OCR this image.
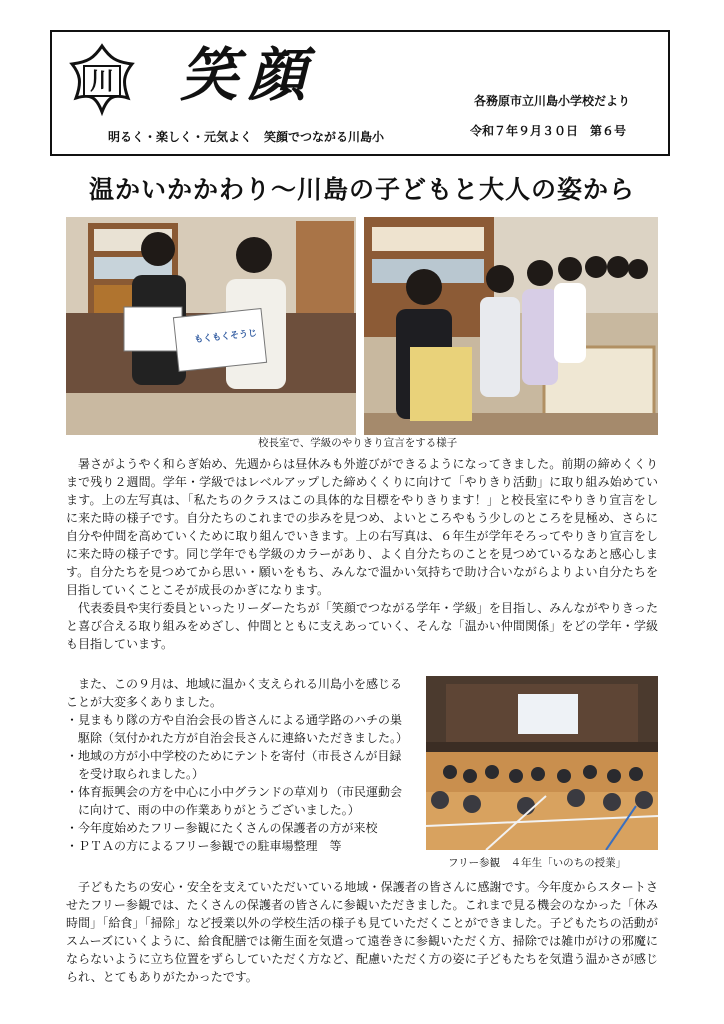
川 笑顔	各務原市立川島小学校だより
令和７年９月３０日　第６号
明るく・楽しく・元気よく　笑顔でつながる川島小
温かいかかわり～川島の子どもと大人の姿から
もくもくそうじ
校長室で、学級のやりきり宣言をする様子

暑さがようやく和らぎ始め、先週からは昼休みも外遊びができるようになってきました。前期の締めくくりまで残り２週間。学年・学級ではレベルアップした締めくくりに向けて「やりきり活動」に取り組み始めています。上の左写真は、「私たちのクラスはこの具体的な目標をやりきります！」と校長室にやりきり宣言をしに来た時の様子です。自分たちのこれまでの歩みを見つめ、よいところやもう少しのところを見極め、さらに自分や仲間を高めていくために取り組んでいきます。上の右写真は、６年生が学年そろってやりきり宣言をしに来た時の様子です。同じ学年でも学級のカラーがあり、よく自分たちのことを見つめているなあと感心します。自分たちを見つめてから思い・願いをもち、みんなで温かい気持ちで助け合いながらよりよい自分たちを目指していくことこそが成長のかぎになります。

代表委員や実行委員といったリーダーたちが「笑顔でつながる学年・学級」を目指し、みんながやりきったと喜び合える取り組みをめざし、仲間とともに支えあっていく、そんな「温かい仲間関係」をどの学年・学級も目指しています。

　また、この９月は、地域に温かく支えられる川島小を感じることが大変多くありました。
・見まもり隊の方や自治会長の皆さんによる通学路のハチの巣駆除（気付かれた方が自治会長さんに連絡いただきました。）
・地域の方が小中学校のためにテントを寄付（市長さんが目録を受け取られました。）
・体育振興会の方を中心に小中グランドの草刈り（市民運動会に向けて、雨の中の作業ありがとうございました。）
・今年度始めたフリー参観にたくさんの保護者の方が来校
・ＰＴＡの方によるフリー参観での駐車場整理　等
フリー参観　４年生「いのちの授業」

子どもたちの安心・安全を支えていただいている地域・保護者の皆さんに感謝です。今年度からスタートさせたフリー参観では、たくさんの保護者の皆さんに参観いただきました。これまで見る機会のなかった「休み時間」「給食」「掃除」など授業以外の学校生活の様子も見ていただくことができました。子どもたちの活動がスムーズにいくように、給食配膳では衛生面を気遣って遠巻きに参観いただく方、掃除では雑巾がけの邪魔にならないように立ち位置をずらしていただく方など、配慮いただく方の姿に子どもたちを気遣う温かさが感じられ、とてもありがたかったです。
